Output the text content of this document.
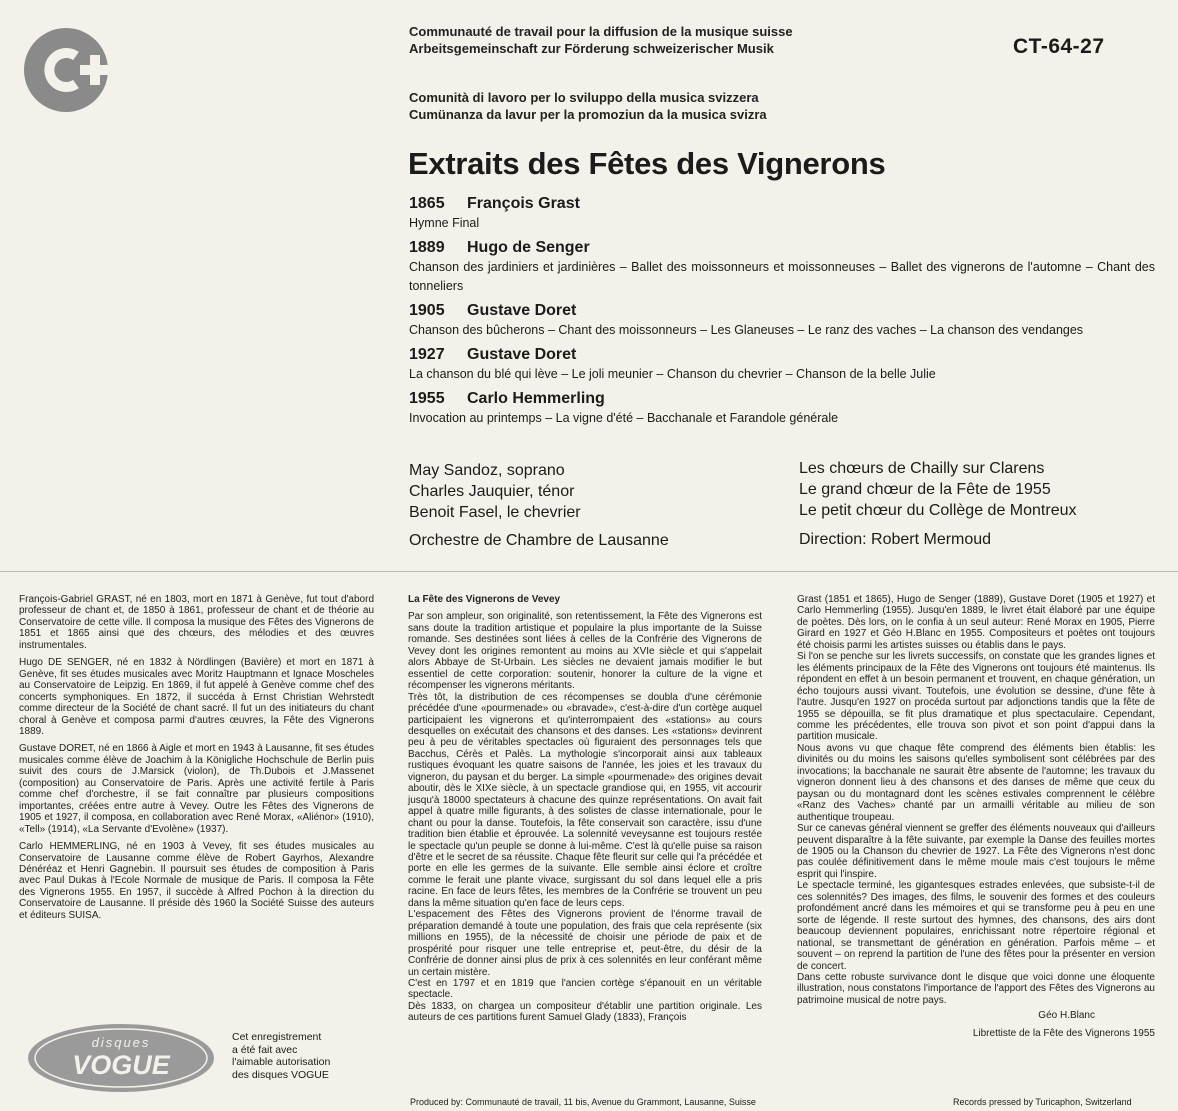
Communauté de travail pour la diffusion de la musique suisse
Arbeitsgemeinschaft zur Förderung schweizerischer Musik	CT-64-27
Comunità di lavoro per lo sviluppo della musica svizzera
Cumünanza da lavur per la promoziun da la musica svizra
Extraits des Fêtes des Vignerons
1865 François Grast
Hymne Final
1889 Hugo de Senger
Chanson des jardiniers et jardinières – Ballet des moissonneurs et moissonneuses – Ballet des vignerons de l'automne – Chant des tonneliers
1905 Gustave Doret
Chanson des bûcherons – Chant des moissonneurs – Les Glaneuses – Le ranz des vaches – La chanson des vendanges
1927 Gustave Doret
La chanson du blé qui lève – Le joli meunier – Chanson du chevrier – Chanson de la belle Julie
1955 Carlo Hemmerling
Invocation au printemps – La vigne d'été – Bacchanale et Farandole générale
May Sandoz, soprano
Charles Jauquier, ténor
Benoit Fasel, le chevrier
Orchestre de Chambre de Lausanne
Les chœurs de Chailly sur Clarens
Le grand chœur de la Fête de 1955
Le petit chœur du Collège de Montreux
Direction: Robert Mermoud

François-Gabriel GRAST, né en 1803, mort en 1871 à Genève, fut tout d'abord professeur de chant et, de 1850 à 1861, professeur de chant et de théorie au Conservatoire de cette ville. Il composa la musique des Fêtes des Vignerons de 1851 et 1865 ainsi que des chœurs, des mélodies et des œuvres instrumentales.

Hugo DE SENGER, né en 1832 à Nördlingen (Bavière) et mort en 1871 à Genève, fit ses études musicales avec Moritz Hauptmann et Ignace Moscheles au Conservatoire de Leipzig. En 1869, il fut appelé à Genève comme chef des concerts symphoniques. En 1872, il succéda à Ernst Christian Wehrstedt comme directeur de la Société de chant sacré. Il fut un des initiateurs du chant choral à Genève et composa parmi d'autres œuvres, la Fête des Vignerons 1889.

Gustave DORET, né en 1866 à Aigle et mort en 1943 à Lausanne, fit ses études musicales comme élève de Joachim à la Königliche Hochschule de Berlin puis suivit des cours de J.Marsick (violon), de Th.Dubois et J.Massenet (composition) au Conservatoire de Paris. Après une activité fertile à Paris comme chef d'orchestre, il se fait connaître par plusieurs compositions importantes, créées entre autre à Vevey. Outre les Fêtes des Vignerons de 1905 et 1927, il composa, en collaboration avec René Morax, «Aliénor» (1910), «Tell» (1914), «La Servante d'Evolène» (1937).

Carlo HEMMERLING, né en 1903 à Vevey, fit ses études musicales au Conservatoire de Lausanne comme élève de Robert Gayrhos, Alexandre Dénéréaz et Henri Gagnebin. Il poursuit ses études de composition à Paris avec Paul Dukas à l'Ecole Normale de musique de Paris. Il composa la Fête des Vignerons 1955. En 1957, il succède à Alfred Pochon à la direction du Conservatoire de Lausanne. Il préside dès 1960 la Société Suisse des auteurs et éditeurs SUISA.

La Fête des Vignerons de Vevey

Par son ampleur, son originalité, son retentissement, la Fête des Vignerons est sans doute la tradition artistique et populaire la plus importante de la Suisse romande. Ses destinées sont liées à celles de la Confrérie des Vignerons de Vevey dont les origines remontent au moins au XVIe siècle et qui s'appelait alors Abbaye de St-Urbain. Les siècles ne devaient jamais modifier le but essentiel de cette corporation: soutenir, honorer la culture de la vigne et récompenser les vignerons méritants.

Très tôt, la distribution de ces récompenses se doubla d'une cérémonie précédée d'une «pourmenade» ou «bravade», c'est-à-dire d'un cortège auquel participaient les vignerons et qu'interrompaient des «stations» au cours desquelles on exécutait des chansons et des danses. Les «stations» devinrent peu à peu de véritables spectacles où figuraient des personnages tels que Bacchus, Cérès et Palès. La mythologie s'incorporait ainsi aux tableaux rustiques évoquant les quatre saisons de l'année, les joies et les travaux du vigneron, du paysan et du berger. La simple «pourmenade» des origines devait aboutir, dès le XIXe siècle, à un spectacle grandiose qui, en 1955, vit accourir jusqu'à 18000 spectateurs à chacune des quinze représentations. On avait fait appel à quatre mille figurants, à des solistes de classe internationale, pour le chant ou pour la danse. Toutefois, la fête conservait son caractère, issu d'une tradition bien établie et éprouvée. La solennité veveysanne est toujours restée le spectacle qu'un peuple se donne à lui-même. C'est là qu'elle puise sa raison d'être et le secret de sa réussite. Chaque fête fleurit sur celle qui l'a précédée et porte en elle les germes de la suivante. Elle semble ainsi éclore et croître comme le ferait une plante vivace, surgissant du sol dans lequel elle a pris racine. En face de leurs fêtes, les membres de la Confrérie se trouvent un peu dans la même situation qu'en face de leurs ceps.

L'espacement des Fêtes des Vignerons provient de l'énorme travail de préparation demandé à toute une population, des frais que cela représente (six millions en 1955), de la nécessité de choisir une période de paix et de prospérité pour risquer une telle entreprise et, peut-être, du désir de la Confrérie de donner ainsi plus de prix à ces solennités en leur conférant même un certain mistère.

C'est en 1797 et en 1819 que l'ancien cortège s'épanouit en un véritable spectacle.

Dès 1833, on chargea un compositeur d'établir une partition originale. Les auteurs de ces partitions furent Samuel Glady (1833), François

Grast (1851 et 1865), Hugo de Senger (1889), Gustave Doret (1905 et 1927) et Carlo Hemmerling (1955). Jusqu'en 1889, le livret était élaboré par une équipe de poètes. Dès lors, on le confia à un seul auteur: René Morax en 1905, Pierre Girard en 1927 et Géo H.Blanc en 1955. Compositeurs et poètes ont toujours été choisis parmi les artistes suisses ou établis dans le pays.

Si l'on se penche sur les livrets successifs, on constate que les grandes lignes et les éléments principaux de la Fête des Vignerons ont toujours été maintenus. Ils répondent en effet à un besoin permanent et trouvent, en chaque génération, un écho toujours aussi vivant. Toutefois, une évolution se dessine, d'une fête à l'autre. Jusqu'en 1927 on procéda surtout par adjonctions tandis que la fête de 1955 se dépouilla, se fit plus dramatique et plus spectaculaire. Cependant, comme les précédentes, elle trouva son pivot et son point d'appui dans la partition musicale.

Nous avons vu que chaque fête comprend des éléments bien établis: les divinités ou du moins les saisons qu'elles symbolisent sont célébrées par des invocations; la bacchanale ne saurait être absente de l'automne; les travaux du vigneron donnent lieu à des chansons et des danses de même que ceux du paysan ou du montagnard dont les scènes estivales comprennent le célèbre «Ranz des Vaches» chanté par un armailli véritable au milieu de son authentique troupeau.

Sur ce canevas général viennent se greffer des éléments nouveaux qui d'ailleurs peuvent disparaître à la fête suivante, par exemple la Danse des feuilles mortes de 1905 ou la Chanson du chevrier de 1927. La Fête des Vignerons n'est donc pas coulée définitivement dans le même moule mais c'est toujours le même esprit qui l'inspire.

Le spectacle terminé, les gigantesques estrades enlevées, que subsiste-t-il de ces solennités? Des images, des films, le souvenir des formes et des couleurs profondément ancré dans les mémoires et qui se transforme peu à peu en une sorte de légende. Il reste surtout des hymnes, des chansons, des airs dont beaucoup deviennent populaires, enrichissant notre répertoire régional et national, se transmettant de génération en génération. Parfois même – et souvent – on reprend la partition de l'une des fêtes pour la présenter en version de concert.

Dans cette robuste survivance dont le disque que voici donne une éloquente illustration, nous constatons l'importance de l'apport des Fêtes des Vignerons au patrimoine musical de notre pays.

Géo H.Blanc

Librettiste de la Fête des Vignerons 1955

disques
VOGUE
Cet enregistrement
a été fait avec
l'aimable autorisation
des disques VOGUE
Produced by: Communauté de travail, 11 bis, Avenue du Grammont, Lausanne, Suisse	Records pressed by Turicaphon, Switzerland
